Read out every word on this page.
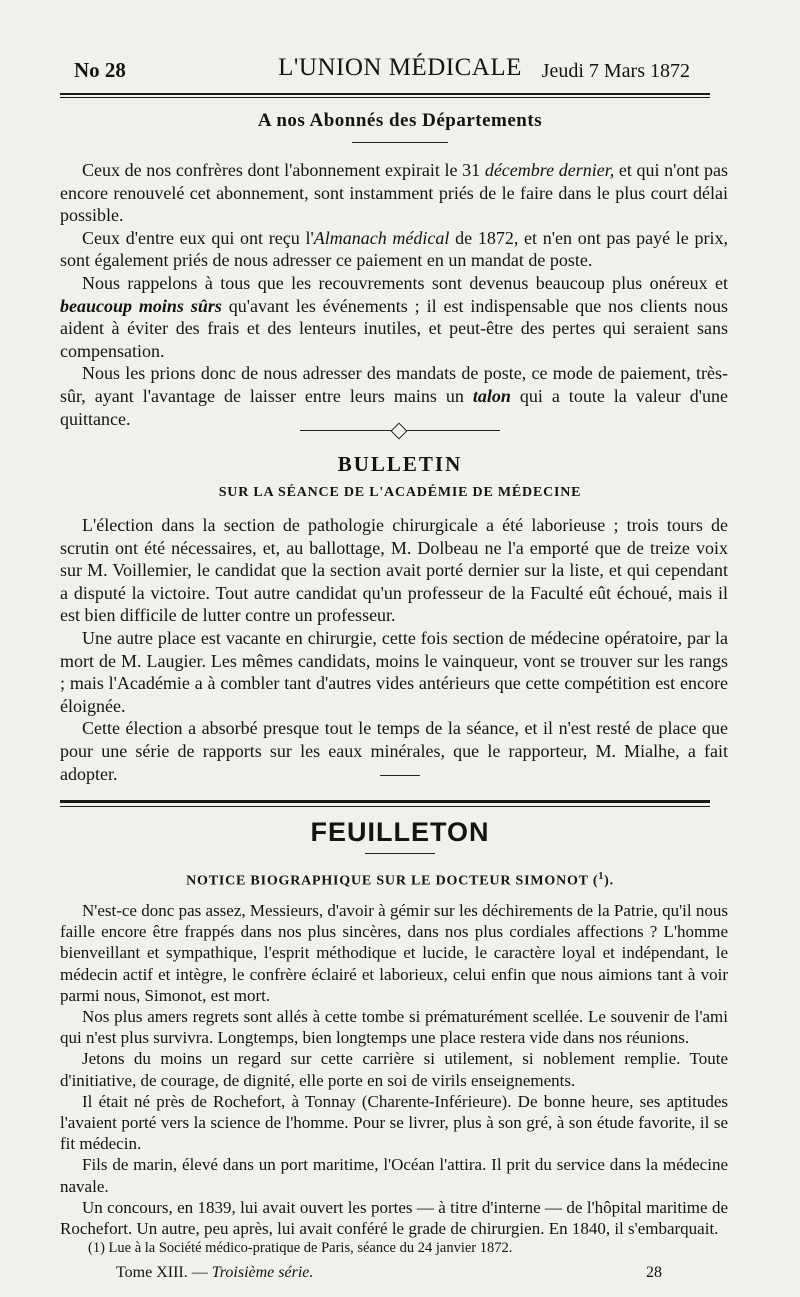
No 28	L'UNION MÉDICALE Jeudi 7 Mars 1872
A nos Abonnés des Départements

Ceux de nos confrères dont l'abonnement expirait le 31 décembre dernier, et qui n'ont pas encore renouvelé cet abonnement, sont instamment priés de le faire dans le plus court délai possible.

Ceux d'entre eux qui ont reçu l'Almanach médical de 1872, et n'en ont pas payé le prix, sont également priés de nous adresser ce paiement en un mandat de poste.

Nous rappelons à tous que les recouvrements sont devenus beaucoup plus onéreux et beaucoup moins sûrs qu'avant les événements ; il est indispensable que nos clients nous aident à éviter des frais et des lenteurs inutiles, et peut-être des pertes qui seraient sans compensation.

Nous les prions donc de nous adresser des mandats de poste, ce mode de paiement, très-sûr, ayant l'avantage de laisser entre leurs mains un talon qui a toute la valeur d'une quittance.

BULLETIN
SUR LA SÉANCE DE L'ACADÉMIE DE MÉDECINE

L'élection dans la section de pathologie chirurgicale a été laborieuse ; trois tours de scrutin ont été nécessaires, et, au ballottage, M. Dolbeau ne l'a emporté que de treize voix sur M. Voillemier, le candidat que la section avait porté dernier sur la liste, et qui cependant a disputé la victoire. Tout autre candidat qu'un professeur de la Faculté eût échoué, mais il est bien difficile de lutter contre un professeur.

Une autre place est vacante en chirurgie, cette fois section de médecine opératoire, par la mort de M. Laugier. Les mêmes candidats, moins le vainqueur, vont se trouver sur les rangs ; mais l'Académie a à combler tant d'autres vides antérieurs que cette compétition est encore éloignée.

Cette élection a absorbé presque tout le temps de la séance, et il n'est resté de place que pour une série de rapports sur les eaux minérales, que le rapporteur, M. Mialhe, a fait adopter.

FEUILLETON
NOTICE BIOGRAPHIQUE SUR LE DOCTEUR SIMONOT ($^1$).

N'est-ce donc pas assez, Messieurs, d'avoir à gémir sur les déchirements de la Patrie, qu'il nous faille encore être frappés dans nos plus sincères, dans nos plus cordiales affections ? L'homme bienveillant et sympathique, l'esprit méthodique et lucide, le caractère loyal et indépendant, le médecin actif et intègre, le confrère éclairé et laborieux, celui enfin que nous aimions tant à voir parmi nous, Simonot, est mort.

Nos plus amers regrets sont allés à cette tombe si prématurément scellée. Le souvenir de l'ami qui n'est plus survivra. Longtemps, bien longtemps une place restera vide dans nos réunions.

Jetons du moins un regard sur cette carrière si utilement, si noblement remplie. Toute d'initiative, de courage, de dignité, elle porte en soi de virils enseignements.

Il était né près de Rochefort, à Tonnay (Charente-Inférieure). De bonne heure, ses aptitudes l'avaient porté vers la science de l'homme. Pour se livrer, plus à son gré, à son étude favorite, il se fit médecin.

Fils de marin, élevé dans un port maritime, l'Océan l'attira. Il prit du service dans la médecine navale.

Un concours, en 1839, lui avait ouvert les portes — à titre d'interne — de l'hôpital maritime de Rochefort. Un autre, peu après, lui avait conféré le grade de chirurgien. En 1840, il s'embarquait.

(1) Lue à la Société médico-pratique de Paris, séance du 24 janvier 1872.
Tome XIII. — Troisième série.	28
